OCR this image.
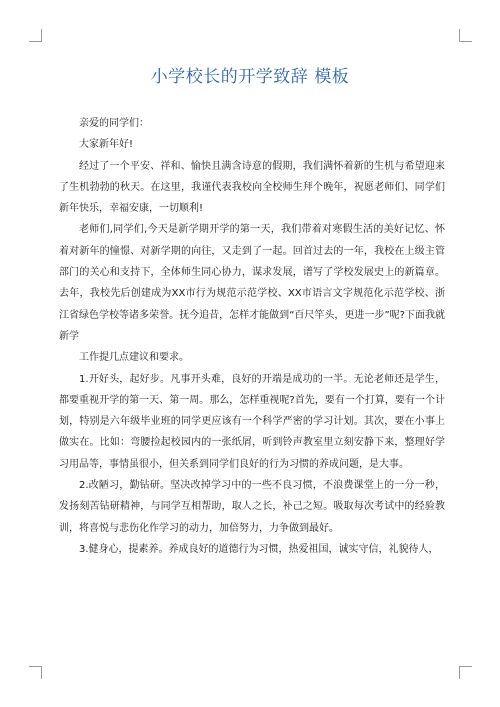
小学校长的开学致辞 模板

亲爱的同学们：

大家新年好!

经过了一个平安、祥和、愉快且满含诗意的假期，我们满怀着新的生机与希望迎来了生机勃勃的秋天。在这里，我谨代表我校向全校师生拜个晚年，祝愿老师们、同学们新年快乐，幸福安康，一切顺利!

老师们,同学们,今天是新学期开学的第一天，我们带着对寒假生活的美好记忆、怀着对新年的憧憬、对新学期的向往，又走到了一起。回首过去的一年，我校在上级主管部门的关心和支持下，全体师生同心协力，谋求发展，谱写了学校发展史上的新篇章。去年，我校先后创建成为XX市行为规范示范学校、XX市语言文字规范化示范学校、浙江省绿色学校等诸多荣誉。抚今追昔，怎样才能做到“百尺竿头，更进一步”呢?下面我就新学

工作提几点建议和要求。

1.开好头，起好步。凡事开头难，良好的开端是成功的一半。无论老师还是学生，都要重视开学的第一天、第一周。那么，怎样重视呢?首先，要有一个打算，要有一个计划，特别是六年级毕业班的同学更应该有一个科学严密的学习计划。其次，要在小事上做实在。比如：弯腰捡起校园内的一张纸屑，听到铃声教室里立刻安静下来，整理好学习用品等，事情虽很小，但关系到同学们良好的行为习惯的养成问题，是大事。

2.改陋习，勤钻研。坚决改掉学习中的一些不良习惯，不浪费课堂上的一分一秒，发扬刻苦钻研精神，与同学互相帮助，取人之长，补己之短。吸取每次考试中的经验教训，将喜悦与悲伤化作学习的动力，加倍努力，力争做到最好。

3.健身心，提素养。养成良好的道德行为习惯，热爱祖国，诚实守信，礼貌待人，
